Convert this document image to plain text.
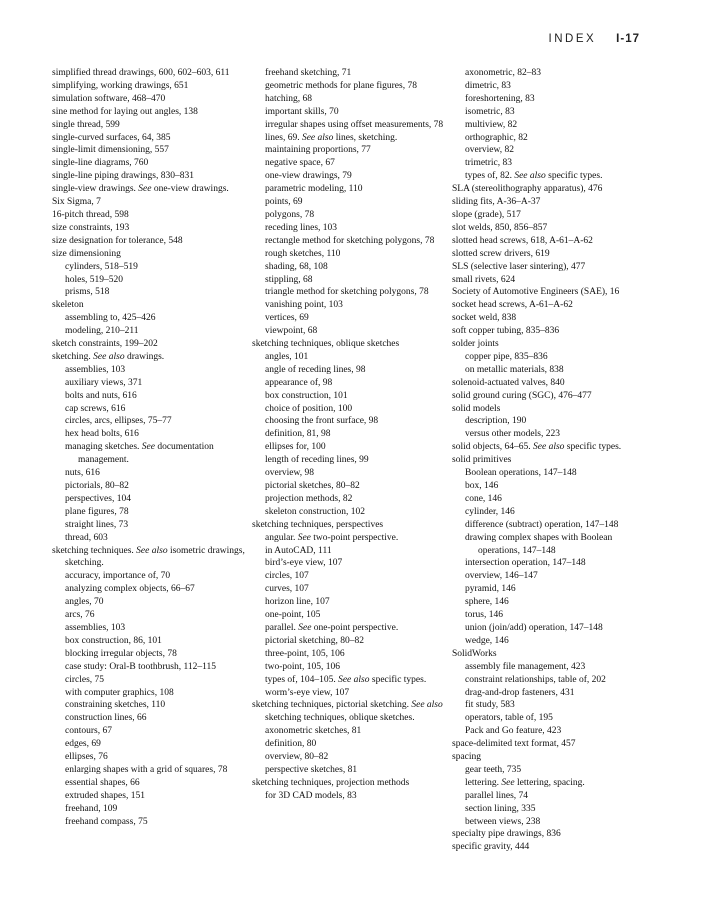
INDEX I-17
simplified thread drawings, 600, 602–603, 611
simplifying, working drawings, 651
simulation software, 468–470
sine method for laying out angles, 138
single thread, 599
single-curved surfaces, 64, 385
single-limit dimensioning, 557
single-line diagrams, 760
single-line piping drawings, 830–831
single-view drawings. See one-view drawings.
Six Sigma, 7
16-pitch thread, 598
size constraints, 193
size designation for tolerance, 548
size dimensioning
cylinders, 518–519
holes, 519–520
prisms, 518
skeleton
assembling to, 425–426
modeling, 210–211
sketch constraints, 199–202
sketching. See also drawings.
assemblies, 103
auxiliary views, 371
bolts and nuts, 616
cap screws, 616
circles, arcs, ellipses, 75–77
hex head bolts, 616
managing sketches. See documentation management.
nuts, 616
pictorials, 80–82
perspectives, 104
plane figures, 78
straight lines, 73
thread, 603
sketching techniques. See also isometric drawings, sketching.
accuracy, importance of, 70
analyzing complex objects, 66–67
angles, 70
arcs, 76
assemblies, 103
box construction, 86, 101
blocking irregular objects, 78
case study: Oral-B toothbrush, 112–115
circles, 75
with computer graphics, 108
constraining sketches, 110
construction lines, 66
contours, 67
edges, 69
ellipses, 76
enlarging shapes with a grid of squares, 78
essential shapes, 66
extruded shapes, 151
freehand, 109
freehand compass, 75
freehand sketching, 71
geometric methods for plane figures, 78
hatching, 68
important skills, 70
irregular shapes using offset measurements, 78
lines, 69. See also lines, sketching.
maintaining proportions, 77
negative space, 67
one-view drawings, 79
parametric modeling, 110
points, 69
polygons, 78
receding lines, 103
rectangle method for sketching polygons, 78
rough sketches, 110
shading, 68, 108
stippling, 68
triangle method for sketching polygons, 78
vanishing point, 103
vertices, 69
viewpoint, 68
sketching techniques, oblique sketches
angles, 101
angle of receding lines, 98
appearance of, 98
box construction, 101
choice of position, 100
choosing the front surface, 98
definition, 81, 98
ellipses for, 100
length of receding lines, 99
overview, 98
pictorial sketches, 80–82
projection methods, 82
skeleton construction, 102
sketching techniques, perspectives
angular. See two-point perspective.
in AutoCAD, 111
bird’s-eye view, 107
circles, 107
curves, 107
horizon line, 107
one-point, 105
parallel. See one-point perspective.
pictorial sketching, 80–82
three-point, 105, 106
two-point, 105, 106
types of, 104–105. See also specific types.
worm’s-eye view, 107
sketching techniques, pictorial sketching. See also sketching techniques, oblique sketches.
axonometric sketches, 81
definition, 80
overview, 80–82
perspective sketches, 81
sketching techniques, projection methods
for 3D CAD models, 83
axonometric, 82–83
dimetric, 83
foreshortening, 83
isometric, 83
multiview, 82
orthographic, 82
overview, 82
trimetric, 83
types of, 82. See also specific types.
SLA (stereolithography apparatus), 476
sliding fits, A-36–A-37
slope (grade), 517
slot welds, 850, 856–857
slotted head screws, 618, A-61–A-62
slotted screw drivers, 619
SLS (selective laser sintering), 477
small rivets, 624
Society of Automotive Engineers (SAE), 16
socket head screws, A-61–A-62
socket weld, 838
soft copper tubing, 835–836
solder joints
copper pipe, 835–836
on metallic materials, 838
solenoid-actuated valves, 840
solid ground curing (SGC), 476–477
solid models
description, 190
versus other models, 223
solid objects, 64–65. See also specific types.
solid primitives
Boolean operations, 147–148
box, 146
cone, 146
cylinder, 146
difference (subtract) operation, 147–148
drawing complex shapes with Boolean operations, 147–148
intersection operation, 147–148
overview, 146–147
pyramid, 146
sphere, 146
torus, 146
union (join/add) operation, 147–148
wedge, 146
SolidWorks
assembly file management, 423
constraint relationships, table of, 202
drag-and-drop fasteners, 431
fit study, 583
operators, table of, 195
Pack and Go feature, 423
space-delimited text format, 457
spacing
gear teeth, 735
lettering. See lettering, spacing.
parallel lines, 74
section lining, 335
between views, 238
specialty pipe drawings, 836
specific gravity, 444
